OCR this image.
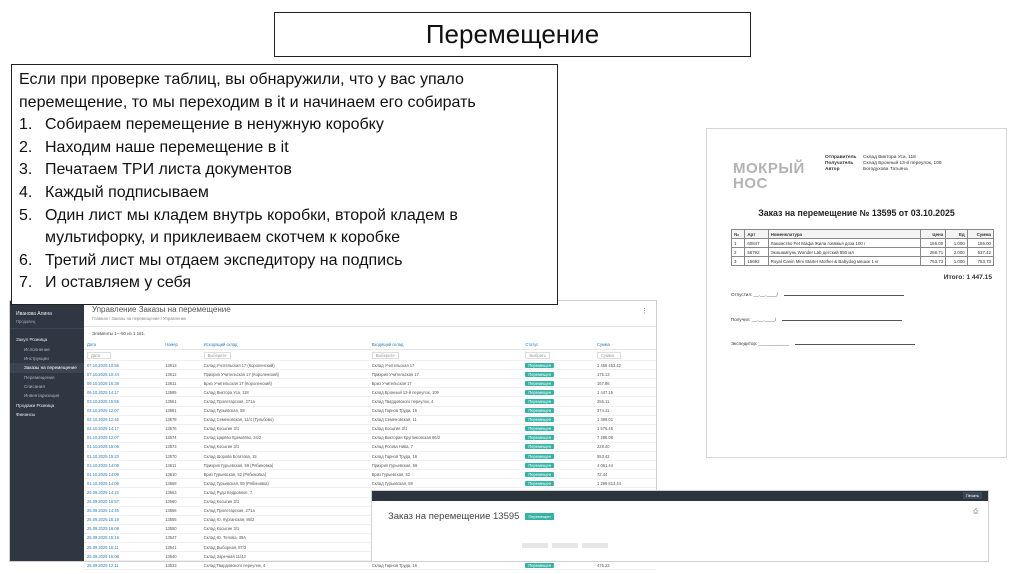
Перемещение
Иванова Алина
Продавец
Закуп Розница
Исполнение
Инструкции
Заказы на перемещение
Перемещение
Списания
Инвентаризация
Продажи Розница
Финансы
Управление Заказы на перемещение
Главная / Заказы на перемещение / Управление
⋮
Элементы 1—50 из 1 161.
Дата	Номер	Исходящий склад	Входящий склад	Статус	Сумма
Дата		Выберите	Выберите	Выбрать	Сумма
07.10.2025 10:56	13613	Склад Учительская 17 (Короленский)	Склад Учительская 17	Перемещен	1 456 453.42
07.10.2025 10:44	13612	Прихрип Учительская 17 (Короленский)	Прихрип Учительская 17	Перемещен	175.13
06.10.2025 16:38	13611	Бриз Учительская 17 (Короленский)	Бриз Учительская 17	Перемещен	167.86
06.10.2025 14:17	13595	Склад Виктора Уса, 118	Склад Бронный 13-й переулок, 109	Перемещен	1 447.15
03.10.2025 15:55	13561	Склад Пролетарская, 271а	Склад Твардовского переулок, 4	Перемещен	256.11
03.10.2025 12:07	13581	Склад Гурьевская, 59	Склад Гарнов Труда, 16	Перемещен	374.11
02.10.2025 12:45	13578	Склад Семеновская, 11/4 (Тульбово)	Склад Семеновская, 11	Перемещен	1 399.01
02.10.2025 14:17	13576	Склад Косыгин 3/1	Склад Косыгин 3/1	Перемещен	1 576.46
01.10.2025 12:07	13574	Склад Царёво Кремлёво, 24/2	Склад Виктория Кругликовская 86/2	Перемещен	7 286.08
01.10.2025 15:06	13573	Склад Косыгин 3/1	Склад Рогова Нива, 7	Перемещен	228.40
01.10.2025 15:23	13570	Склад Шорова Богатова, 15	Склад Гарнов Труда, 16	Перемещен	553.42
01.10.2025 14:08	13611	Прихрип Гурьевская, 59 (Рябиновка)	Прихрип Гурьевская, 59	Перемещен	4 061.44
01.10.2025 14:08	13610	Бриз Гурьевская, 52 (Рябиновка)	Бриз Гурьевская, 52	Перемещен	72.44
01.10.2025 14:08	13568	Склад Гурьевская, 59 (Рябиновка)	Склад Гурьевская, 59	Перемещен	1 299 813.44
29.09.2025 14:22	13563	Склад Рудо Кедровное, 7			
26.09.2025 16:57	13560	Склад Косыгин 3/1			
25.09.2025 14:45	13556	Склад Пролетарская, 271а			
25.09.2025 15:18	13555	Склад Ю. Курганская, 86/2			
25.09.2025 16:08	13550	Склад Косыгин 3/1			
25.09.2025 15:16	13547	Склад Ю. Тепова, 39А			
25.09.2025 16:11	13541	Склад Выборная, 87/3			
25.09.2025 16:08	13540	Склад Заречная 11/43			
25.09.2025 12:11	13533	Склад Твардовского переулок, 4	Склад Гарнов Труда, 16	Перемещен	475.23
Печать
Заказ на перемещение 13595	Перемещен
⎙
МОКРЫЙ
НОС
Отправитель Склад Виктора Уса, 118
Получатель	Склад Бронный 13-й переулок, 109
Автор	Богодухова Татьяна
Заказ на перемещение № 13595 от 03.10.2025
№	Арт	Номенклатура	Цена	Ед	Сумма
1	60847	Лакомство Pet Мафа Жила говяжья доза 100 г	156.00	1.000	156.00
2	56792	Экошампунь Wonder Lab детский 550 мл	268.71	2.000	537.42
3	15692	Royal Canin Mini Starter Mother & Babydog мешок 1 кг	753.73	1.000	753.73
Итого: 1 447.15
Отпустил: __.__.____/
Получил: __.__.____/
Экспедитор: ____________
Если при проверке таблиц, вы обнаружили, что у вас упало перемещение, то мы переходим в it и начинаем его собирать
1. Собираем перемещение в ненужную коробку
2. Находим наше перемещение в it
3. Печатаем ТРИ листа документов
4. Каждый подписываем
5. Один лист мы кладем внутрь коробки, второй кладем в мультифорку, и приклеиваем скотчем к коробке
6. Третий лист мы отдаем экспедитору на подпись
7. И оставляем у себя
